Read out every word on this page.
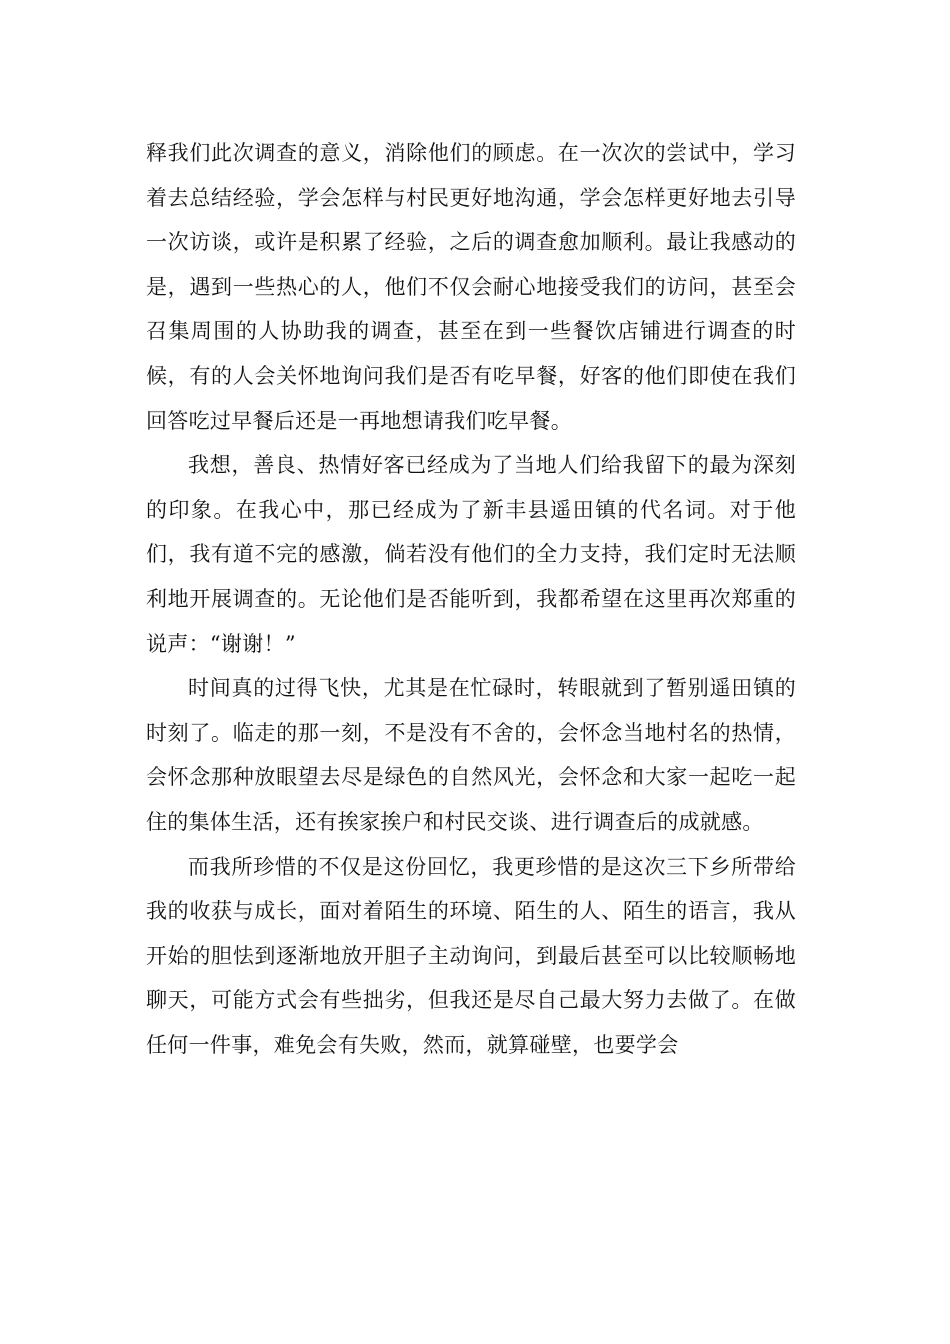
释我们此次调查的意义，消除他们的顾虑。在一次次的尝试中，学习着去总结经验，学会怎样与村民更好地沟通，学会怎样更好地去引导一次访谈，或许是积累了经验，之后的调查愈加顺利。最让我感动的是，遇到一些热心的人，他们不仅会耐心地接受我们的访问，甚至会召集周围的人协助我的调查，甚至在到一些餐饮店铺进行调查的时候，有的人会关怀地询问我们是否有吃早餐，好客的他们即使在我们回答吃过早餐后还是一再地想请我们吃早餐。

我想，善良、热情好客已经成为了当地人们给我留下的最为深刻的印象。在我心中，那已经成为了新丰县遥田镇的代名词。对于他们，我有道不完的感激，倘若没有他们的全力支持，我们定时无法顺利地开展调查的。无论他们是否能听到，我都希望在这里再次郑重的说声：“谢谢！”

时间真的过得飞快，尤其是在忙碌时，转眼就到了暂别遥田镇的时刻了。临走的那一刻，不是没有不舍的，会怀念当地村名的热情，会怀念那种放眼望去尽是绿色的自然风光，会怀念和大家一起吃一起住的集体生活，还有挨家挨户和村民交谈、进行调查后的成就感。

而我所珍惜的不仅是这份回忆，我更珍惜的是这次三下乡所带给我的收获与成长，面对着陌生的环境、陌生的人、陌生的语言，我从开始的胆怯到逐渐地放开胆子主动询问，到最后甚至可以比较顺畅地聊天，可能方式会有些拙劣，但我还是尽自己最大努力去做了。在做任何一件事，难免会有失败，然而，就算碰壁，也要学会
